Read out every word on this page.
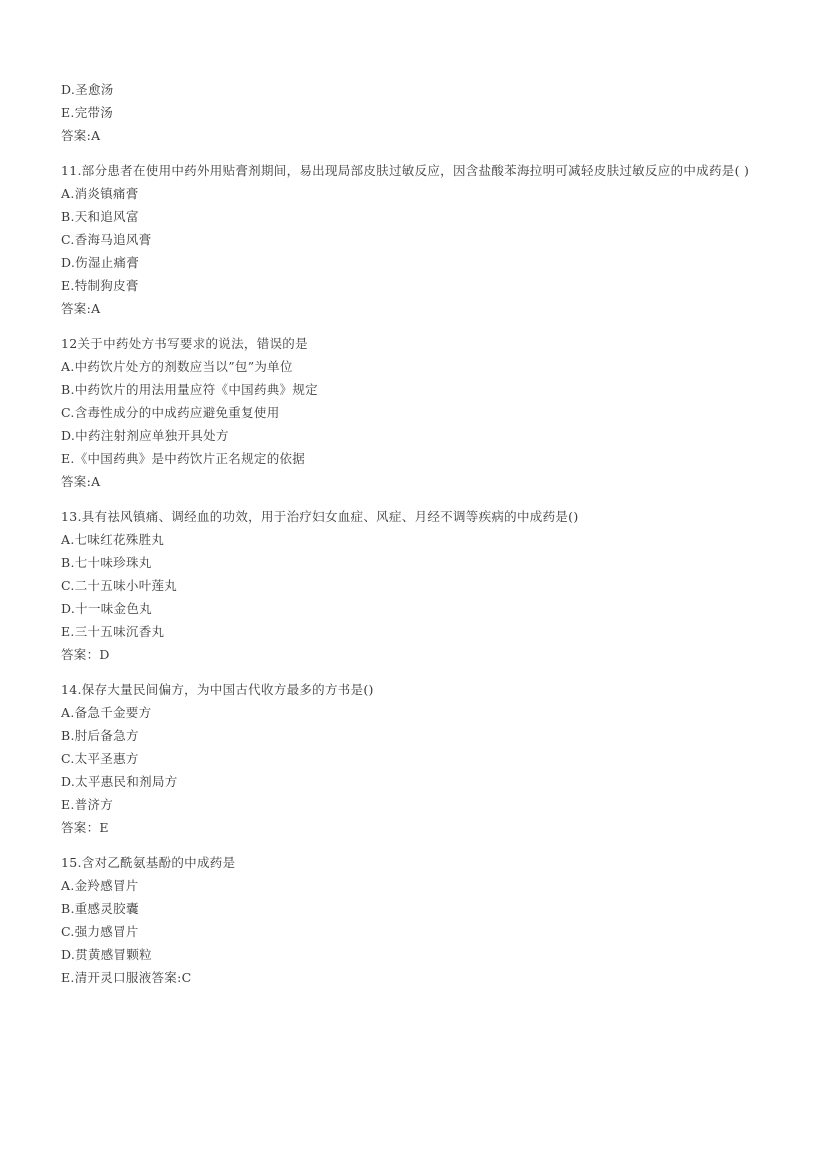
D.圣愈汤
E.完带汤
答案:A
11.部分患者在使用中药外用贴膏剂期间，易出现局部皮肤过敏反应，因含盐酸苯海拉明可减轻皮肤过敏反应的中成药是( )
A.消炎镇痛膏
B.天和追风富
C.香海马追风膏
D.伤湿止痛膏
E.特制狗皮膏
答案:A
12关于中药处方书写要求的说法，错误的是
A.中药饮片处方的剂数应当以”包”为单位
B.中药饮片的用法用量应符《中国药典》规定
C.含毒性成分的中成药应避免重复使用
D.中药注射剂应单独开具处方
E.《中国药典》是中药饮片正名规定的依据
答案:A
13.具有祛风镇痛、调经血的功效，用于治疗妇女血症、风症、月经不调等疾病的中成药是()
A.七味红花殊胜丸
B.七十味珍珠丸
C.二十五味小叶莲丸
D.十一味金色丸
E.三十五味沉香丸
答案：D
14.保存大量民间偏方，为中国古代收方最多的方书是()
A.备急千金要方
B.肘后备急方
C.太平圣惠方
D.太平惠民和剂局方
E.普济方
答案：E
15.含对乙酰氨基酚的中成药是
A.金羚感冒片
B.重感灵胶囊
C.强力感冒片
D.贯黄感冒颗粒
E.清开灵口服液答案:C
